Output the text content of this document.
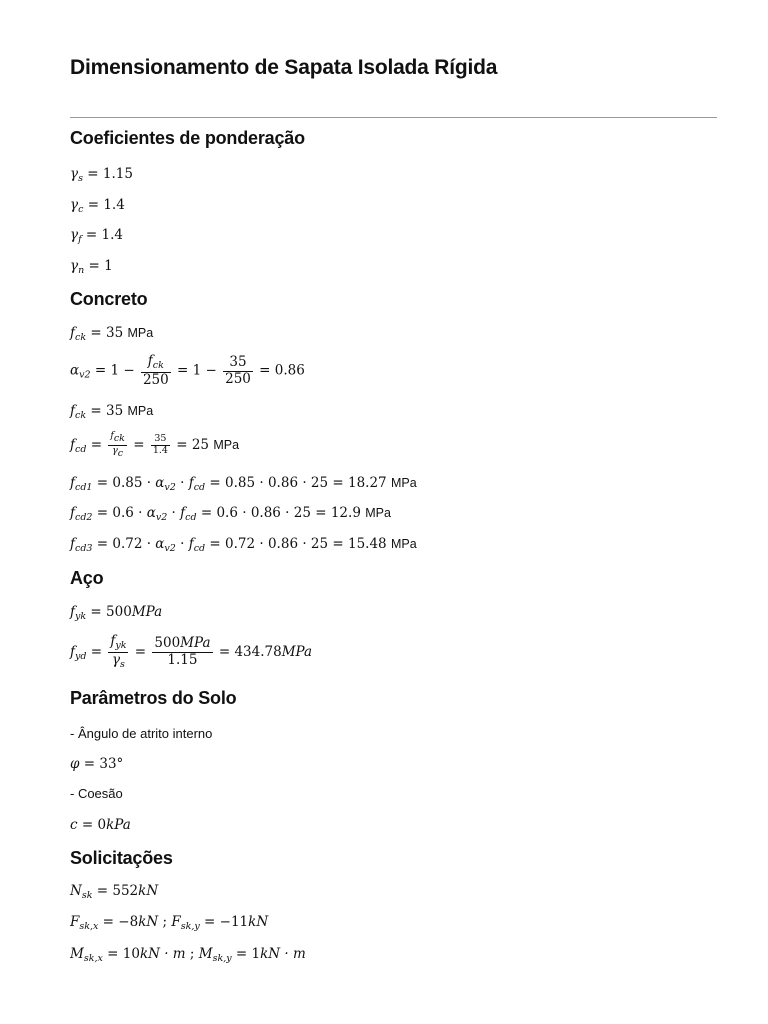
Dimensionamento de Sapata Isolada Rígida
Coeficientes de ponderação
$\gamma_s = 1.15$
$\gamma_c = 1.4$
$\gamma_f = 1.4$
$\gamma_n = 1$
Concreto
$f_{ck} = 35$ MPa
$\alpha_{v2} = 1 - \frac{f_{ck}}{250} = 1 - \frac{35}{250} = 0.86$
$f_{ck} = 35$ MPa
$f_{cd} = \frac{f_{ck}}{\gamma_c} = \frac{35}{1.4} = 25$ MPa
$f_{cd1} = 0.85 \cdot \alpha_{v2} \cdot f_{cd} = 0.85 \cdot 0.86 \cdot 25 = 18.27$ MPa
$f_{cd2} = 0.6 \cdot \alpha_{v2} \cdot f_{cd} = 0.6 \cdot 0.86 \cdot 25 = 12.9$ MPa
$f_{cd3} = 0.72 \cdot \alpha_{v2} \cdot f_{cd} = 0.72 \cdot 0.86 \cdot 25 = 15.48$ MPa
Aço
$f_{yk} = 500MPa$
$f_{yd} = \frac{f_{yk}}{\gamma_s} = \frac{\text{500MPa}}{1.15} = 434.78MPa$
Parâmetros do Solo
- Ângulo de atrito interno
φ = 33°
- Coesão
c = 0kPa
Solicitações
$N_{sk} = 552kN$
$F_{sk,x} = -8kN$ ; $F_{sk,y} = -11kN$
$M_{sk,x} = 10kN \cdot m$ ; $M_{sk,y} = 1kN \cdot m$
